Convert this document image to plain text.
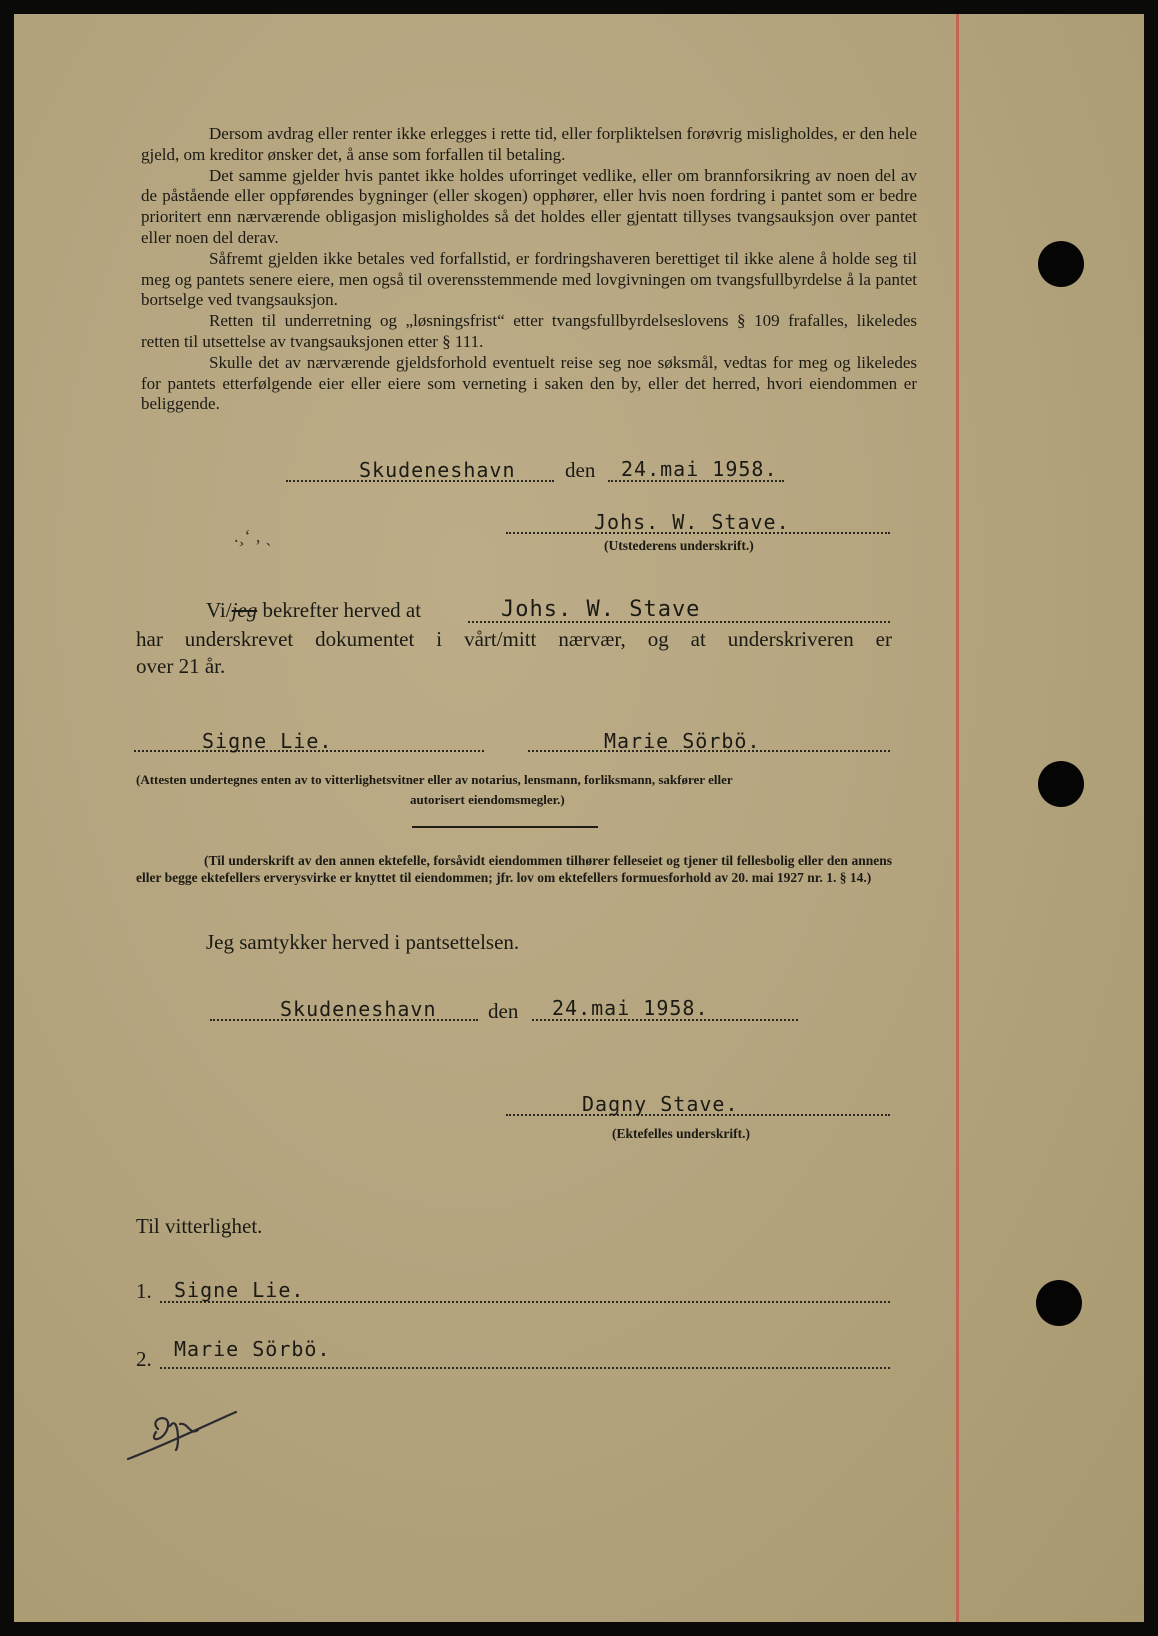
Dersom avdrag eller renter ikke erlegges i rette tid, eller forpliktelsen forøvrig misligholdes, er den hele gjeld, om kreditor ønsker det, å anse som forfallen til betaling.

Det samme gjelder hvis pantet ikke holdes uforringet vedlike, eller om brannforsikring av noen del av de påstående eller oppførendes bygninger (eller skogen) opphører, eller hvis noen fordring i pantet som er bedre prioritert enn nærværende obligasjon misligholdes så det holdes eller gjentatt tillyses tvangsauksjon over pantet eller noen del derav.

Såfremt gjelden ikke betales ved forfallstid, er fordringshaveren berettiget til ikke alene å holde seg til meg og pantets senere eiere, men også til overensstemmende med lovgivningen om tvangsfullbyrdelse å la pantet bortselge ved tvangsauksjon.

Retten til underretning og „løsningsfrist“ etter tvangsfullbyrdelseslovens § 109 frafalles, likeledes retten til utsettelse av tvangsauksjonen etter § 111.

Skulle det av nærværende gjeldsforhold eventuelt reise seg noe søksmål, vedtas for meg og likeledes for pantets etterfølgende eier eller eiere som verneting i saken den by, eller det herred, hvori eiendommen er beliggende.

Skudeneshavn den 24.mai 1958.
.¸ʻ ‚ ˎ
Johs. W. Stave.
(Utstederens underskrift.)
Vi/jeg bekrefter herved at	Johs. W. Stave
har underskrevet dokumentet i vårt/mitt nærvær, og at underskriveren er
over 21 år.
Signe Lie.	Marie Sörbö.
(Attesten undertegnes enten av to vitterlighetsvitner eller av notarius, lensmann, forliksmann, sakfører eller
autorisert eiendomsmegler.)
(Til underskrift av den annen ektefelle, forsåvidt eiendommen tilhører felleseiet og tjener til fellesbolig eller den annens eller begge ektefellers erverysvirke er knyttet til eiendommen; jfr. lov om ektefellers formuesforhold av 20. mai 1927 nr. 1. § 14.)
Jeg samtykker herved i pantsettelsen.
Skudeneshavn den 24.mai 1958.
Dagny Stave.
(Ektefelles underskrift.)
Til vitterlighet.
1. Signe Lie.
2. Marie Sörbö.
